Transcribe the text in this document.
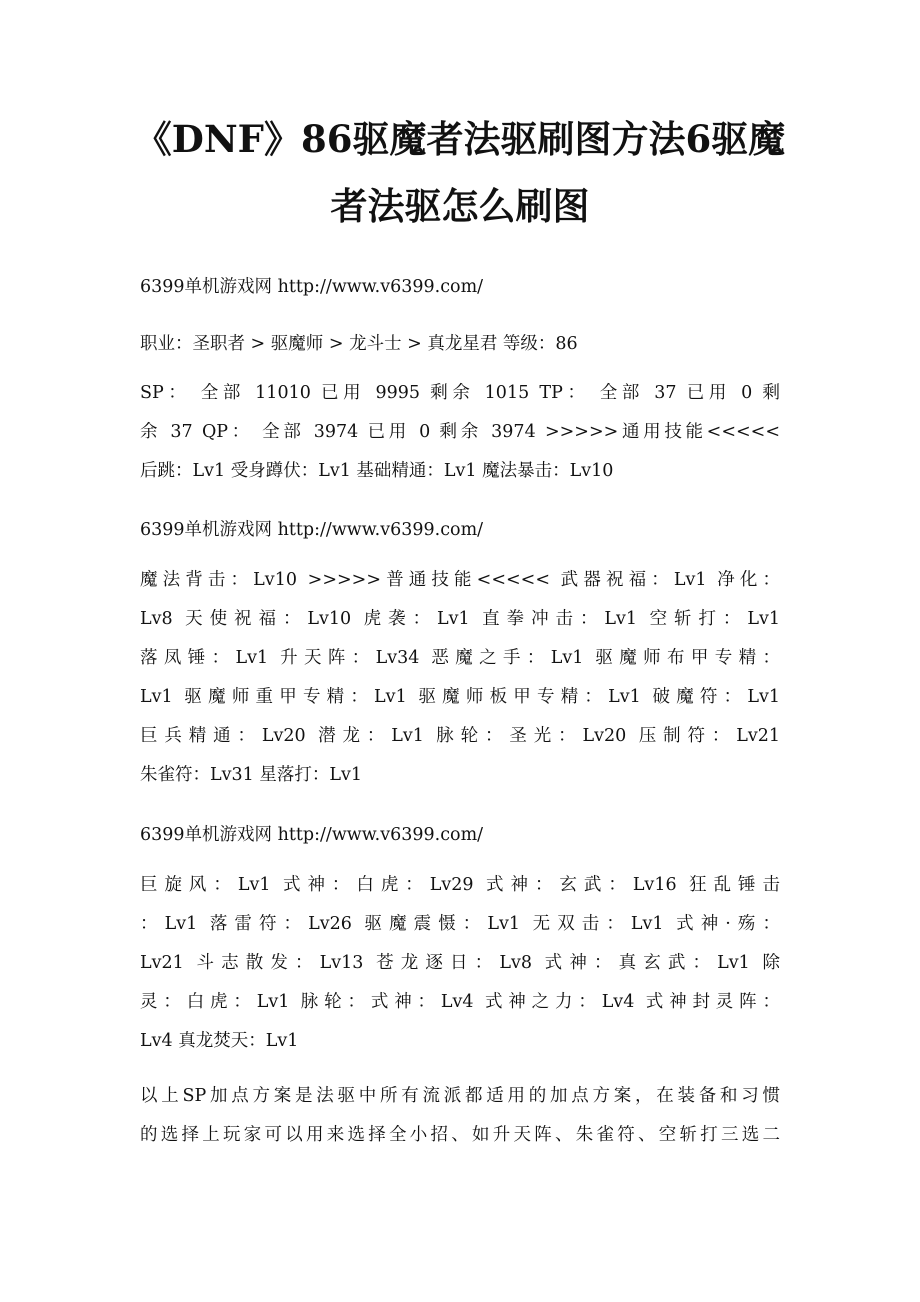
《DNF》86驱魔者法驱刷图方法6驱魔
者法驱怎么刷图
6399单机游戏网 http://www.v6399.com/
职业：圣职者 > 驱魔师 > 龙斗士 > 真龙星君 等级：86
SP： 全部 11010 已用 9995 剩余 1015 TP： 全部 37 已用 0 剩
余 37 QP： 全部 3974 已用 0 剩余 3974 >>>>>通用技能<<<<<
后跳：Lv1 受身蹲伏：Lv1 基础精通：Lv1 魔法暴击：Lv10
6399单机游戏网 http://www.v6399.com/
魔法背击：Lv10 >>>>>普通技能<<<<< 武器祝福：Lv1 净化：
Lv8 天使祝福：Lv10 虎袭：Lv1 直拳冲击：Lv1 空斩打：Lv1
落凤锤：Lv1 升天阵：Lv34 恶魔之手：Lv1 驱魔师布甲专精：
Lv1 驱魔师重甲专精：Lv1 驱魔师板甲专精：Lv1 破魔符：Lv1
巨兵精通：Lv20 潜龙：Lv1 脉轮：圣光：Lv20 压制符：Lv21
朱雀符：Lv31 星落打：Lv1
6399单机游戏网 http://www.v6399.com/
巨旋风：Lv1 式神：白虎：Lv29 式神：玄武：Lv16 狂乱锤击
：Lv1 落雷符：Lv26 驱魔震慑：Lv1 无双击：Lv1 式神·殇：
Lv21 斗志散发：Lv13 苍龙逐日：Lv8 式神：真玄武：Lv1 除
灵：白虎：Lv1 脉轮：式神：Lv4 式神之力：Lv4 式神封灵阵：
Lv4 真龙焚天：Lv1
以上SP加点方案是法驱中所有流派都适用的加点方案，在装备和习惯
的选择上玩家可以用来选择全小招、如升天阵、朱雀符、空斩打三选二
